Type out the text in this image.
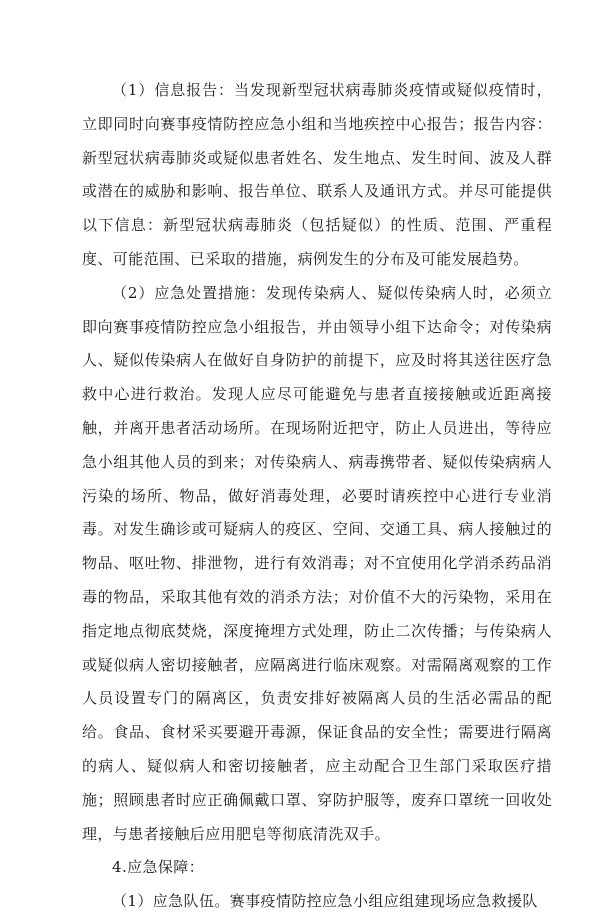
（1）信息报告：当发现新型冠状病毒肺炎疫情或疑似疫情时，立即同时向赛事疫情防控应急小组和当地疾控中心报告；报告内容：新型冠状病毒肺炎或疑似患者姓名、发生地点、发生时间、波及人群或潜在的威胁和影响、报告单位、联系人及通讯方式。并尽可能提供以下信息：新型冠状病毒肺炎（包括疑似）的性质、范围、严重程度、可能范围、已采取的措施，病例发生的分布及可能发展趋势。

（2）应急处置措施：发现传染病人、疑似传染病人时，必须立即向赛事疫情防控应急小组报告，并由领导小组下达命令；对传染病人、疑似传染病人在做好自身防护的前提下，应及时将其送往医疗急救中心进行救治。发现人应尽可能避免与患者直接接触或近距离接触，并离开患者活动场所。在现场附近把守，防止人员进出，等待应急小组其他人员的到来；对传染病人、病毒携带者、疑似传染病病人污染的场所、物品，做好消毒处理，必要时请疾控中心进行专业消毒。对发生确诊或可疑病人的疫区、空间、交通工具、病人接触过的物品、呕吐物、排泄物，进行有效消毒；对不宜使用化学消杀药品消毒的物品，采取其他有效的消杀方法；对价值不大的污染物，采用在指定地点彻底焚烧，深度掩埋方式处理，防止二次传播；与传染病人或疑似病人密切接触者，应隔离进行临床观察。对需隔离观察的工作人员设置专门的隔离区，负责安排好被隔离人员的生活必需品的配给。食品、食材采买要避开毒源，保证食品的安全性；需要进行隔离的病人、疑似病人和密切接触者，应主动配合卫生部门采取医疗措施；照顾患者时应正确佩戴口罩、穿防护服等，废弃口罩统一回收处理，与患者接触后应用肥皂等彻底清洗双手。

4.应急保障：

（1）应急队伍。赛事疫情防控应急小组应组建现场应急救援队
